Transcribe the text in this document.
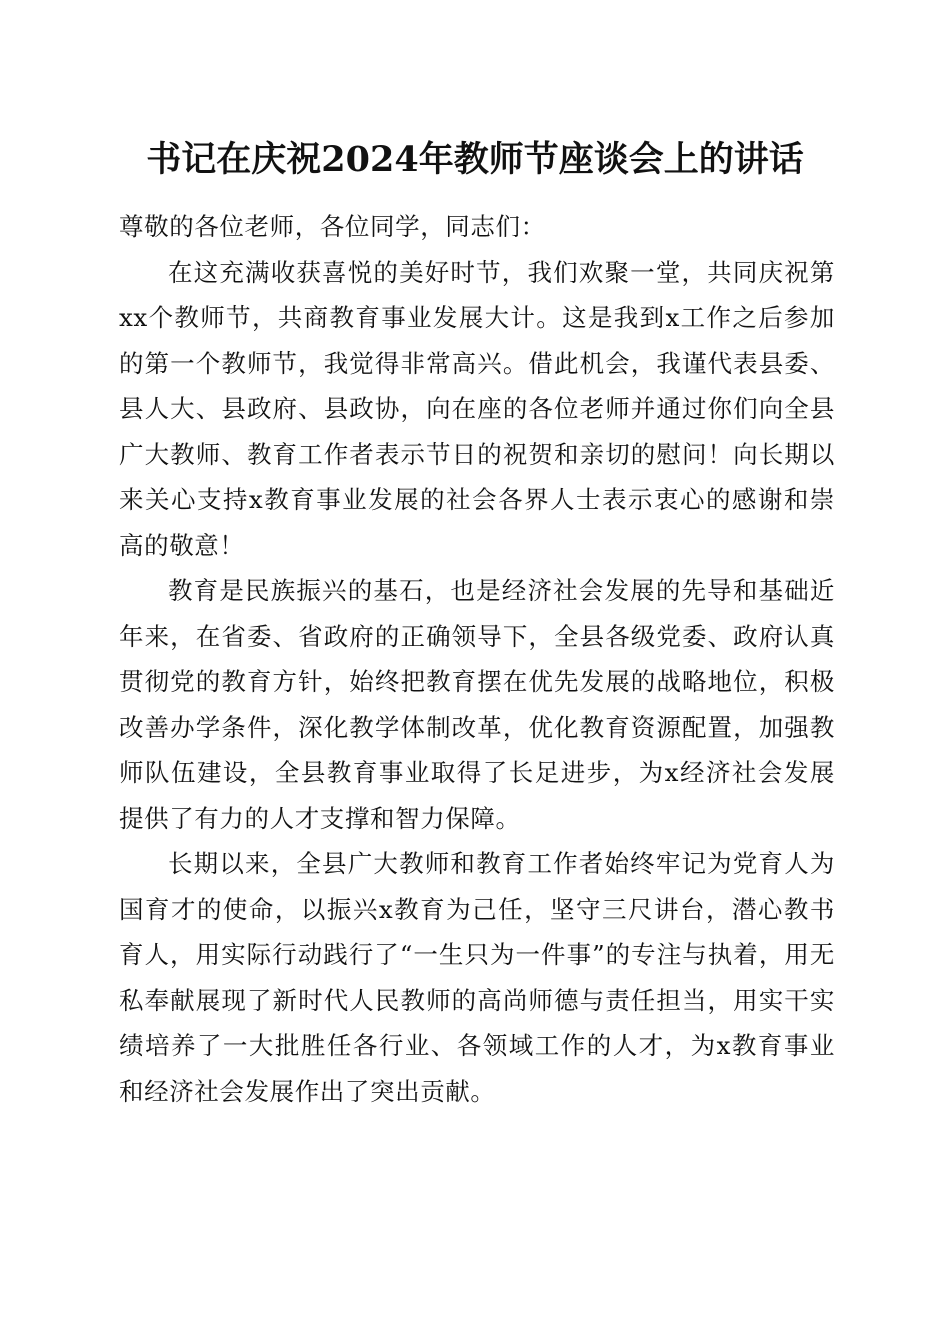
书记在庆祝2024年教师节座谈会上的讲话

尊敬的各位老师，各位同学，同志们：

在这充满收获喜悦的美好时节，我们欢聚一堂，共同庆祝第xx个教师节，共商教育事业发展大计。这是我到x工作之后参加的第一个教师节，我觉得非常高兴。借此机会，我谨代表县委、县人大、县政府、县政协，向在座的各位老师并通过你们向全县广大教师、教育工作者表示节日的祝贺和亲切的慰问！向长期以来关心支持x教育事业发展的社会各界人士表示衷心的感谢和崇高的敬意！

教育是民族振兴的基石，也是经济社会发展的先导和基础近年来，在省委、省政府的正确领导下，全县各级党委、政府认真贯彻党的教育方针，始终把教育摆在优先发展的战略地位，积极改善办学条件，深化教学体制改革，优化教育资源配置，加强教师队伍建设，全县教育事业取得了长足进步，为x经济社会发展提供了有力的人才支撑和智力保障。

长期以来，全县广大教师和教育工作者始终牢记为党育人为国育才的使命，以振兴x教育为己任，坚守三尺讲台，潜心教书育人，用实际行动践行了“一生只为一件事”的专注与执着，用无私奉献展现了新时代人民教师的高尚师德与责任担当，用实干实绩培养了一大批胜任各行业、各领域工作的人才，为x教育事业和经济社会发展作出了突出贡献。
